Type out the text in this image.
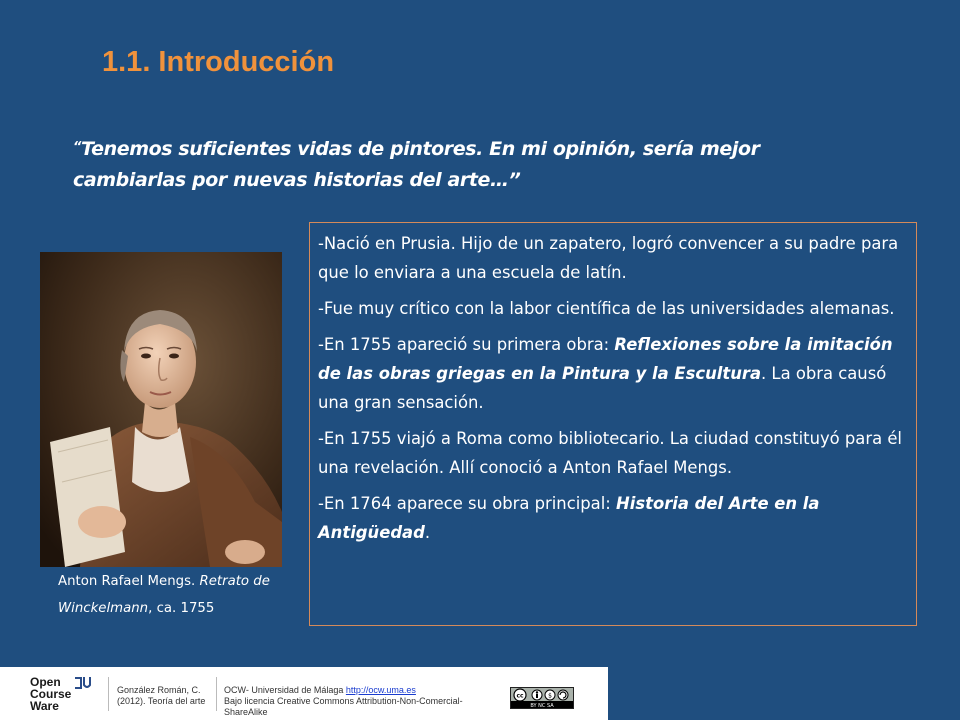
1.1. Introducción
“Tenemos suficientes vidas de pintores. En mi opinión, sería mejor cambiarlas por nuevas historias del arte…”
Anton Rafael Mengs. Retrato de Winckelmann, ca. 1755

-Nació en Prusia. Hijo de un zapatero, logró convencer a su padre para que lo enviara a una escuela de latín.

-Fue muy crítico con la labor científica de las universidades alemanas.

-En 1755 apareció su primera obra: Reflexiones sobre la imitación de las obras griegas en la Pintura y la Escultura. La obra causó una gran sensación.

-En 1755 viajó a Roma como bibliotecario. La ciudad constituyó para él una revelación. Allí conoció a Anton Rafael Mengs.

-En 1764 aparece su obra principal: Historia del Arte en la Antigüedad.

Open
Course
Ware
González Román, C.
(2012). Teoría del arte
OCW- Universidad de Málaga http://ocw.uma.es
Bajo licencia Creative Commons Attribution-Non-Comercial-ShareAlike
cc	$
BY NC SA
